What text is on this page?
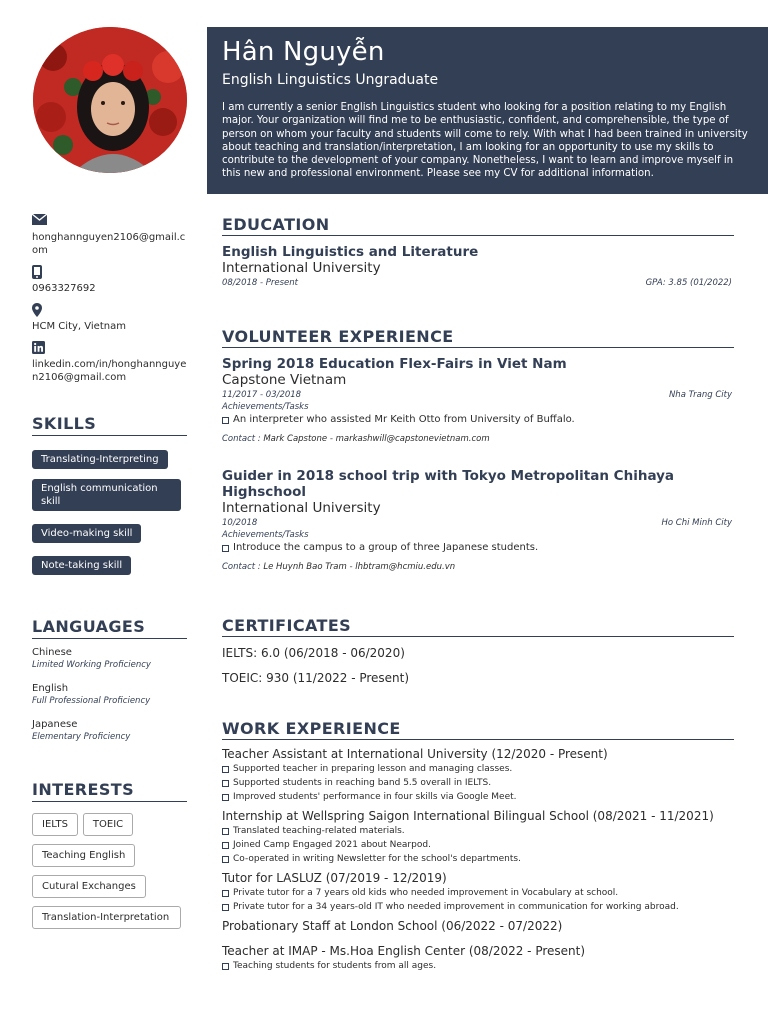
Hân Nguyễn
English Linguistics Ungraduate
I am currently a senior English Linguistics student who looking for a position relating to my English major. Your organization will find me to be enthusiastic, confident, and comprehensible, the type of person on whom your faculty and students will come to rely. With what I had been trained in university about teaching and translation/interpretation, I am looking for an opportunity to use my skills to contribute to the development of your company. Nonetheless, I want to learn and improve myself in this new and professional environment. Please see my CV for additional information.
honghannguyen2106@gmail.com
0963327692
HCM City, Vietnam
linkedin.com/in/honghannguyen2106@gmail.com
SKILLS
Translating-Interpreting
English communication skill
Video-making skill
Note-taking skill
LANGUAGES
Chinese
Limited Working Proficiency
English
Full Professional Proficiency
Japanese
Elementary Proficiency
INTERESTS
IELTS	TOEIC
Teaching English
Cutural Exchanges
Translation-Interpretation
EDUCATION
English Linguistics and Literature
International University
08/2018 - Present	GPA: 3.85 (01/2022)
VOLUNTEER EXPERIENCE
Spring 2018 Education Flex-Fairs in Viet Nam
Capstone Vietnam
11/2017 - 03/2018	Nha Trang City
Achievements/Tasks
An interpreter who assisted Mr Keith Otto from University of Buffalo.
Contact : Mark Capstone - markashwill@capstonevietnam.com
Guider in 2018 school trip with Tokyo Metropolitan Chihaya Highschool
International University
10/2018	Ho Chi Minh City
Achievements/Tasks
Introduce the campus to a group of three Japanese students.
Contact : Le Huynh Bao Tram - lhbtram@hcmiu.edu.vn
CERTIFICATES
IELTS: 6.0 (06/2018 - 06/2020)
TOEIC: 930 (11/2022 - Present)
WORK EXPERIENCE
Teacher Assistant at International University (12/2020 - Present)
Supported teacher in preparing lesson and managing classes.
Supported students in reaching band 5.5 overall in IELTS.
Improved students' performance in four skills via Google Meet.
Internship at Wellspring Saigon International Bilingual School (08/2021 - 11/2021)
Translated teaching-related materials.
Joined Camp Engaged 2021 about Nearpod.
Co-operated in writing Newsletter for the school's departments.
Tutor for LASLUZ (07/2019 - 12/2019)
Private tutor for a 7 years old kids who needed improvement in Vocabulary at school.
Private tutor for a 34 years-old IT who needed improvement in communication for working abroad.
Probationary Staff at London School (06/2022 - 07/2022)
Teacher at IMAP - Ms.Hoa English Center (08/2022 - Present)
Teaching students for students from all ages.
